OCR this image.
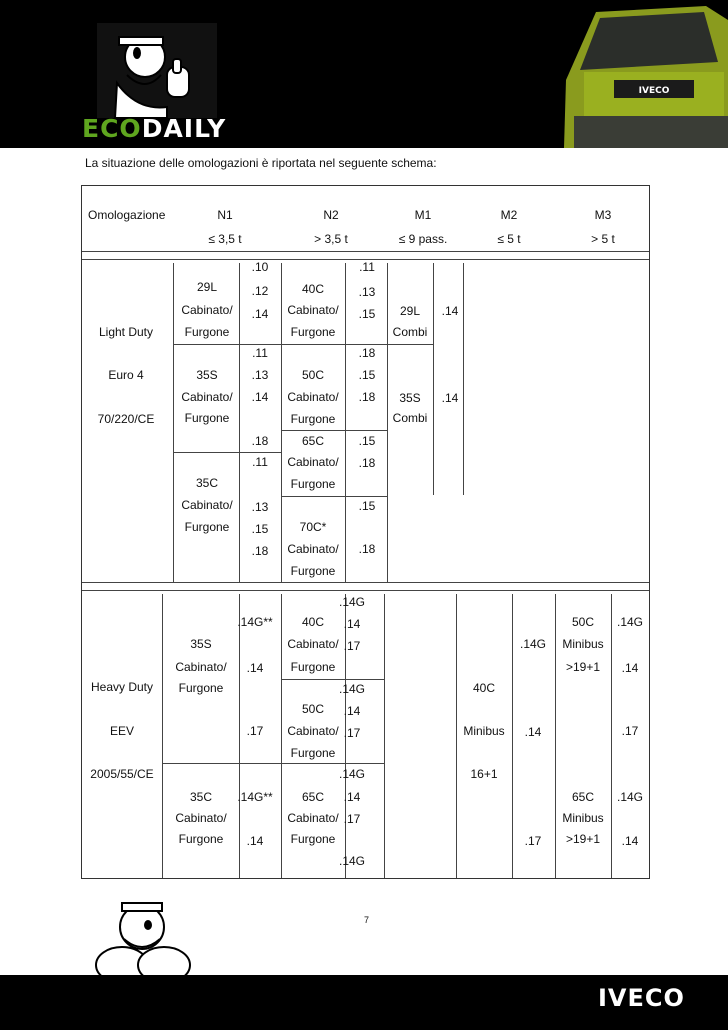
ECODAILY
IVECO
La situazione delle omologazioni è riportata nel seguente schema:
Omologazione	N1
≤ 3,5 t
N2
> 3,5 t
M1
≤ 9 pass.
M2
≤ 5 t
M3
> 5 t
Light Duty
Euro 4
70/220/CE
29L
Cabinato/
Furgone
.10
.12
.14
35S
Cabinato/
Furgone
.11
.13
.14
.18
35C
Cabinato/
Furgone
.11
.13
.15
.18
40C
Cabinato/
Furgone
.11
.13
.15
50C
Cabinato/
Furgone
.18
.15
.18
65C
Cabinato/
Furgone
.15
.18
70C*
Cabinato/
Furgone
.15
.18
29L
Combi
.14
35S
Combi
.14
Heavy Duty
EEV
2005/55/CE
35S
Cabinato/
Furgone
.14G**
.14
.17
35C
Cabinato/
Furgone
.14G**
.14
40C
Cabinato/
Furgone
.14G
.14
.17
50C
Cabinato/
Furgone
.14G
.14
.17
65C
Cabinato/
Furgone
.14G
.14
.17
.14G
40C
Minibus
16+1
.14G
.14
.17
50C
Minibus
>19+1
.14G
.14
.17
65C
Minibus
>19+1
.14G
.14
7
IVECO
